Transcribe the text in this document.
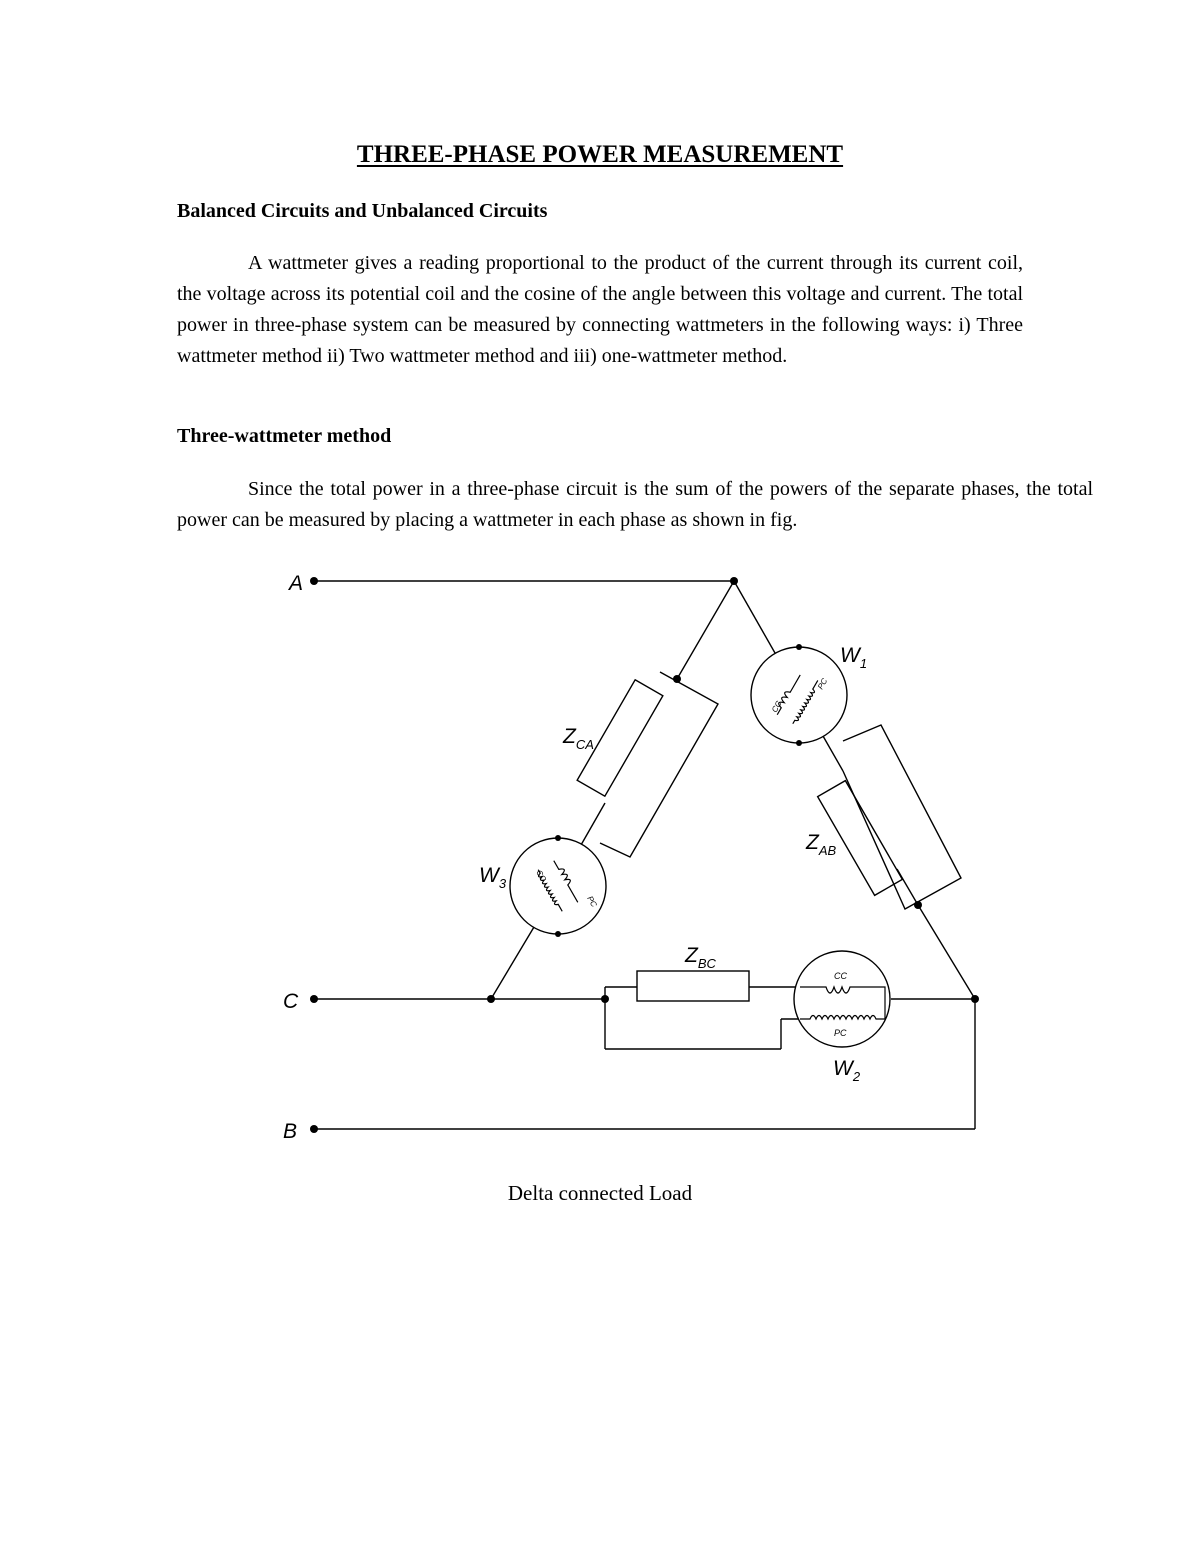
THREE-PHASE POWER MEASUREMENT
Balanced Circuits and Unbalanced Circuits

A wattmeter gives a reading proportional to the product of the current through its current coil, the voltage across its potential coil and the cosine of the angle between this voltage and current. The total power in three-phase system can be measured by connecting wattmeters in the following ways: i) Three wattmeter method ii) Two wattmeter method and iii) one-wattmeter method.

Three-wattmeter method

Since the total power in a three-phase circuit is the sum of the powers of the separate phases, the total power can be measured by placing a wattmeter in each phase as shown in fig.

CC
PC
CC
PC
CC
PC
A
C
B
$Z_{CA}$
$Z_{AB}$
$Z_{BC}$
$W_1$
$W_2$
$W_3$
Delta connected Load
